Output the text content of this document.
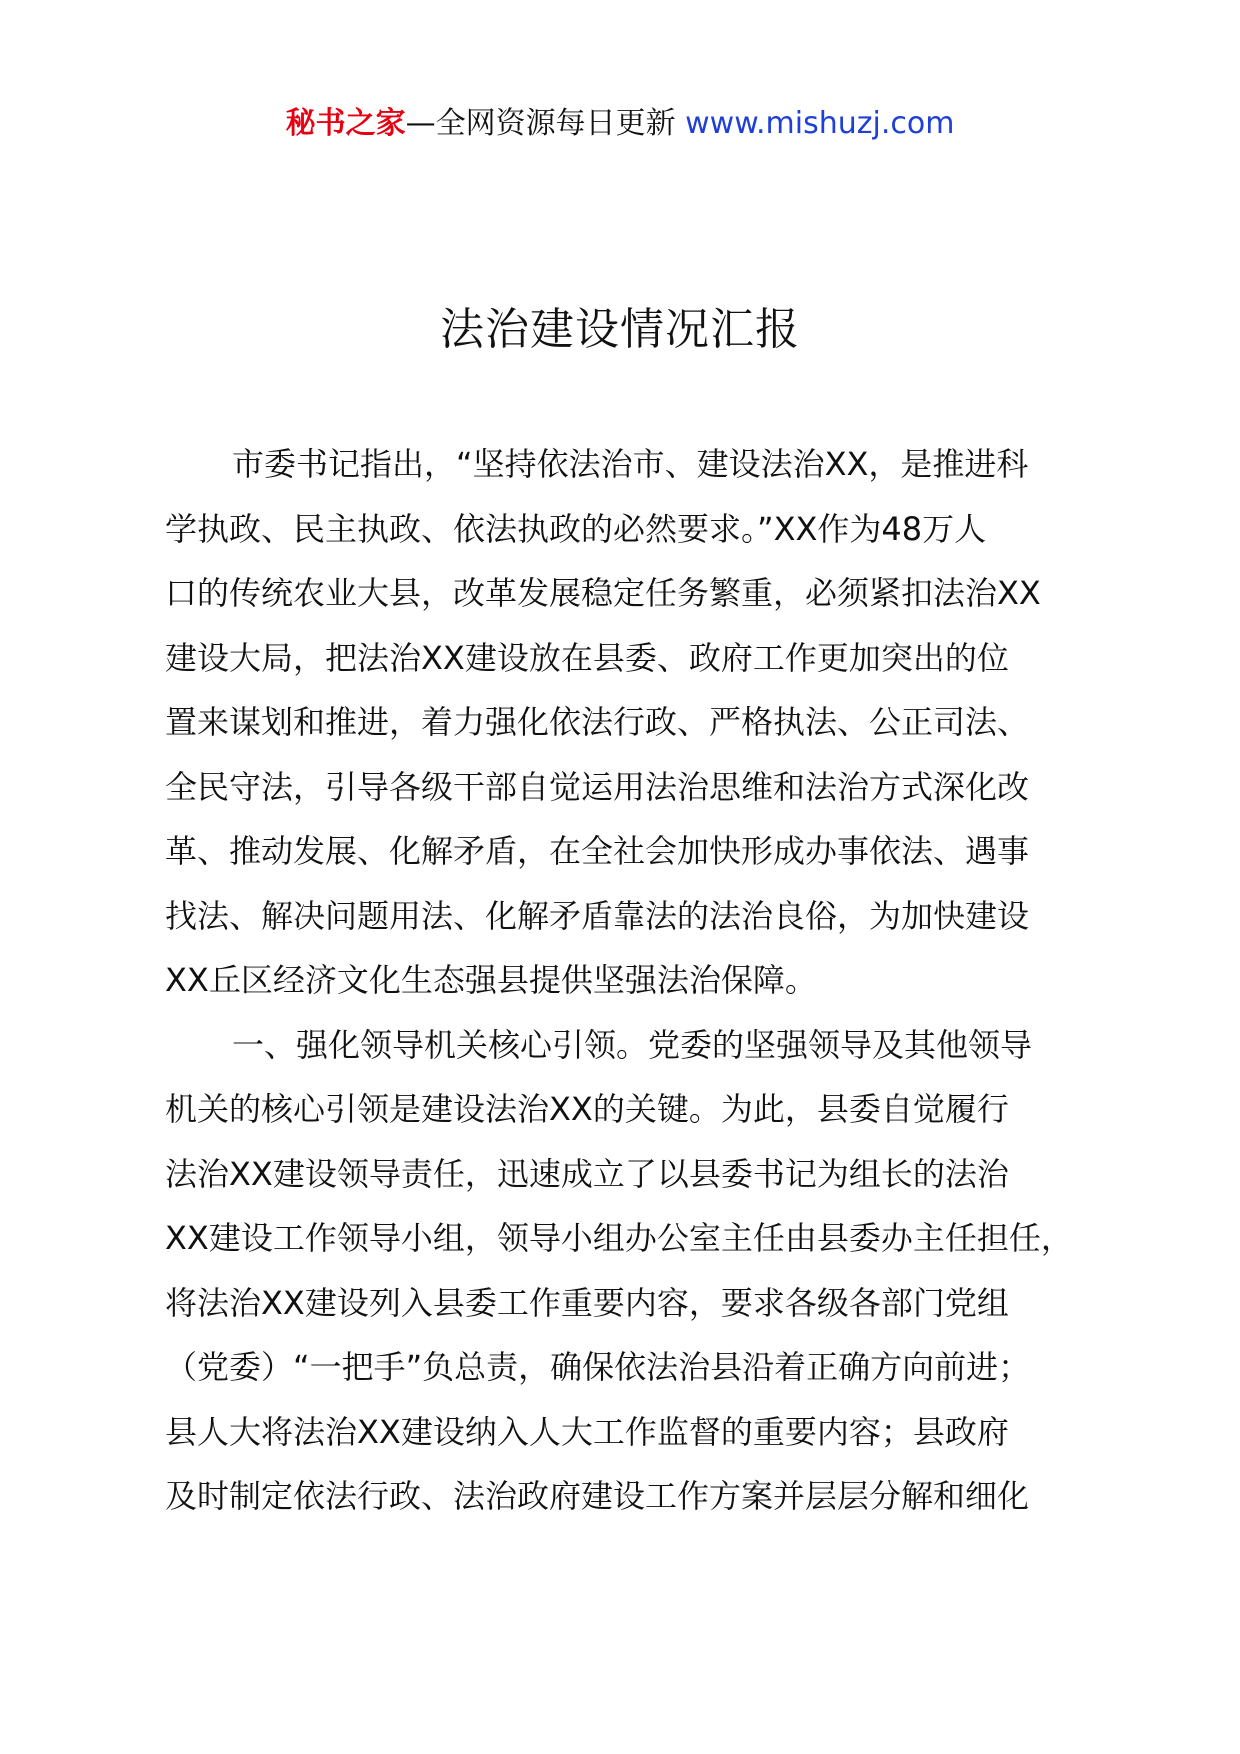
秘书之家—全网资源每日更新 www.mishuzj.com
法治建设情况汇报
市委书记指出，“坚持依法治市、建设法治XX，是推进科
学执政、民主执政、依法执政的必然要求。”XX作为48万人
口的传统农业大县，改革发展稳定任务繁重，必须紧扣法治XX
建设大局，把法治XX建设放在县委、政府工作更加突出的位
置来谋划和推进，着力强化依法行政、严格执法、公正司法、
全民守法，引导各级干部自觉运用法治思维和法治方式深化改
革、推动发展、化解矛盾，在全社会加快形成办事依法、遇事
找法、解决问题用法、化解矛盾靠法的法治良俗，为加快建设
XX丘区经济文化生态强县提供坚强法治保障。
一、强化领导机关核心引领。党委的坚强领导及其他领导
机关的核心引领是建设法治XX的关键。为此，县委自觉履行
法治XX建设领导责任，迅速成立了以县委书记为组长的法治
XX建设工作领导小组，领导小组办公室主任由县委办主任担任，
将法治XX建设列入县委工作重要内容，要求各级各部门党组
（党委）“一把手”负总责，确保依法治县沿着正确方向前进；
县人大将法治XX建设纳入人大工作监督的重要内容；县政府
及时制定依法行政、法治政府建设工作方案并层层分解和细化
